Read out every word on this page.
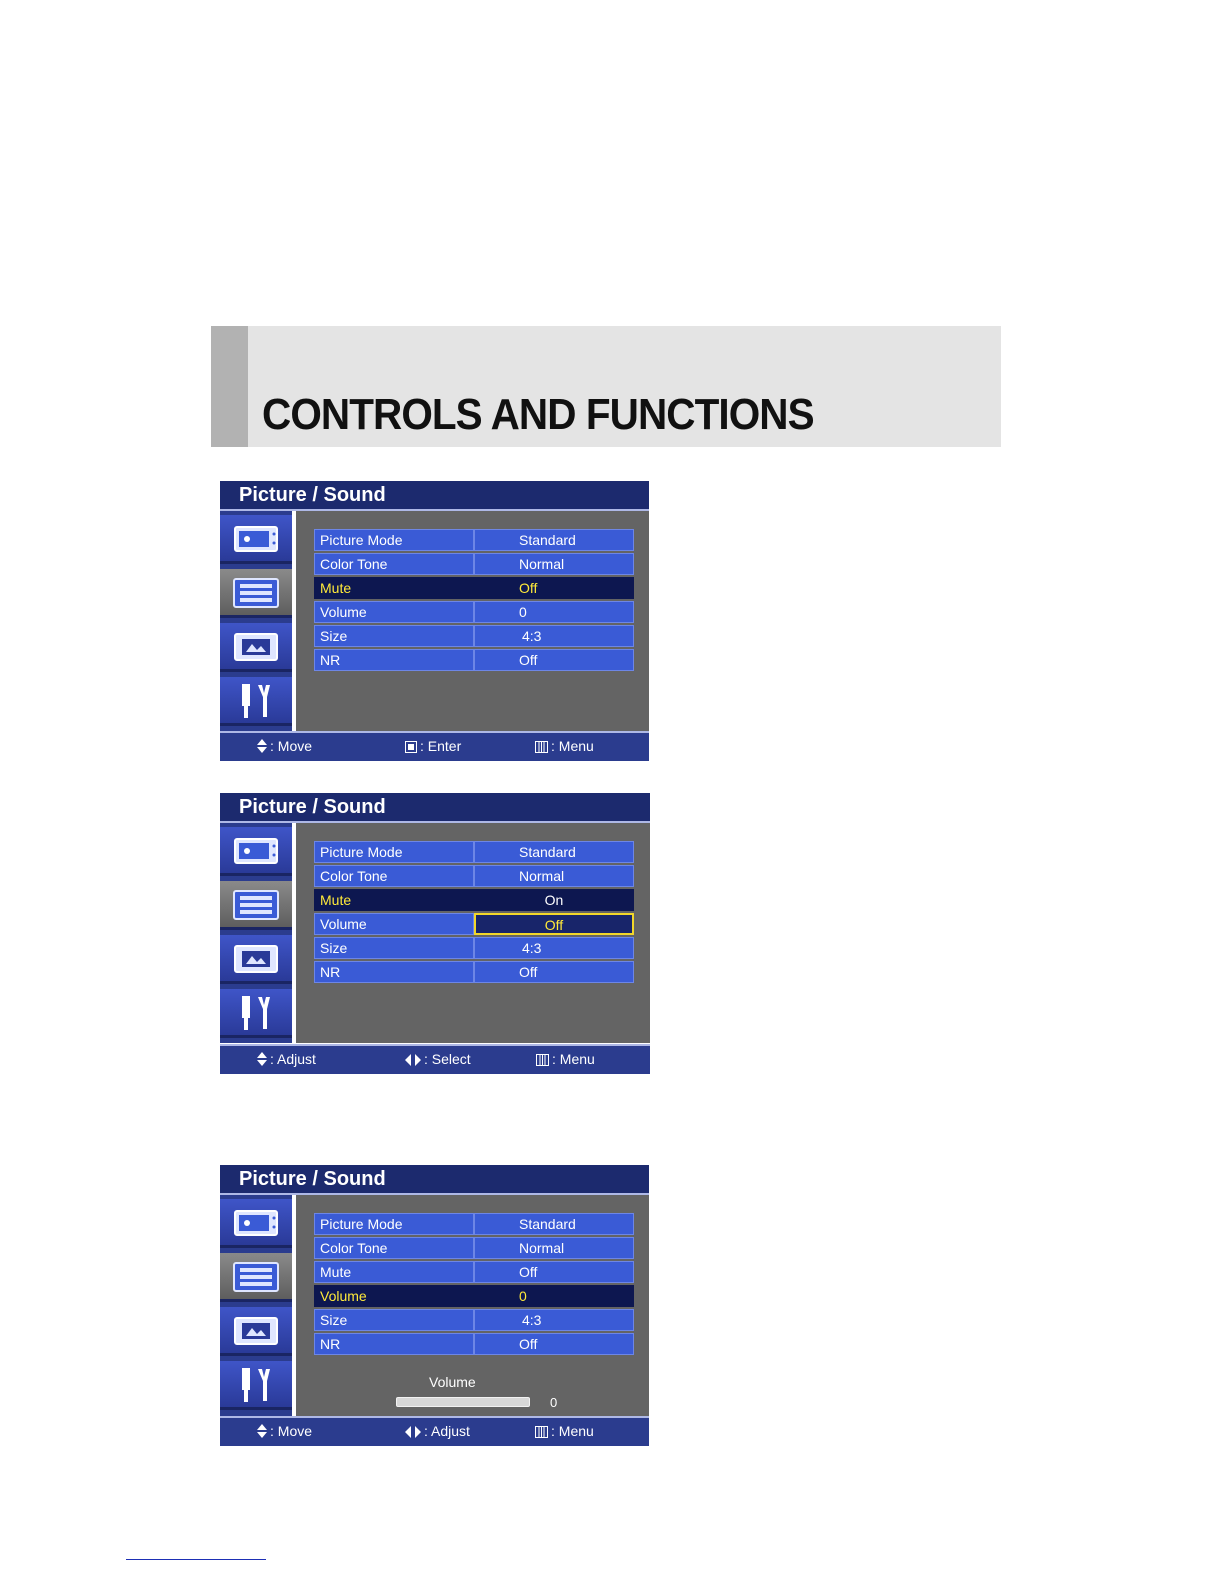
CONTROLS AND FUNCTIONS
Picture / Sound
Picture Mode	Standard
Color Tone	Normal
Mute	Off
Volume	0
Size	4:3
NR	Off
: Move	: Enter	: Menu
Picture / Sound
Picture Mode	Standard
Color Tone	Normal
Mute	On
Volume	Off
Size	4:3
NR	Off
: Adjust	: Select	: Menu
Picture / Sound
Picture Mode	Standard
Color Tone	Normal
Mute	Off
Volume	0
Size	4:3
NR	Off
Volume
0
: Move	: Adjust	: Menu
